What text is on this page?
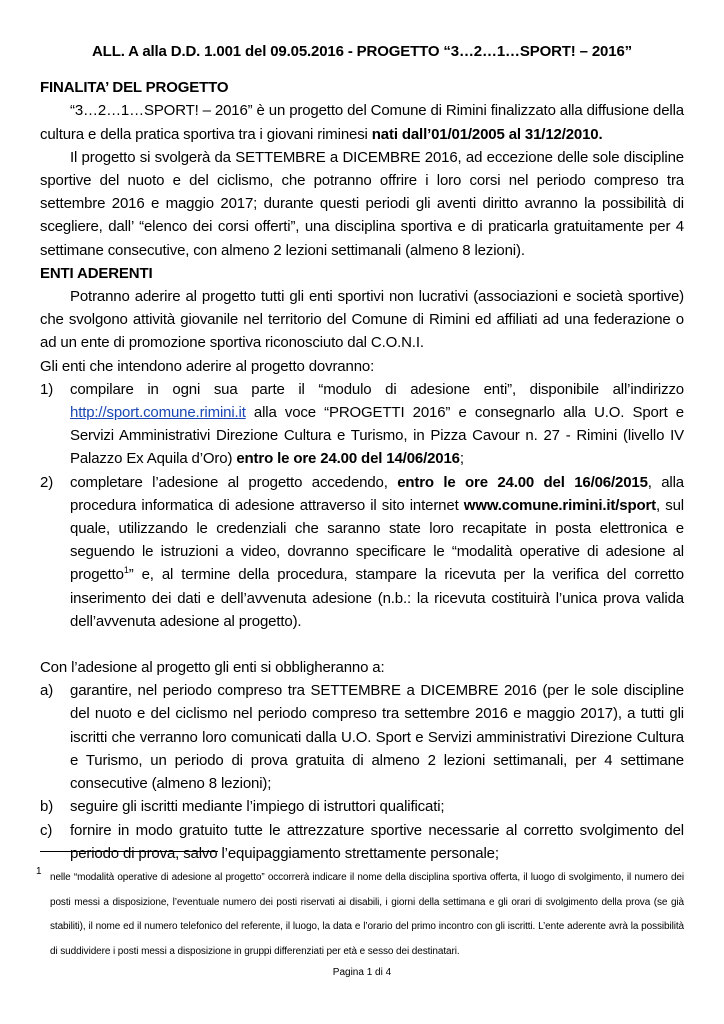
ALL. A alla D.D. 1.001 del 09.05.2016 - PROGETTO “3…2…1…SPORT! – 2016”
FINALITA’ DEL PROGETTO

“3…2…1…SPORT! – 2016” è un progetto del Comune di Rimini finalizzato alla diffusione della cultura e della pratica sportiva tra i giovani riminesi nati dall’01/01/2005 al 31/12/2010.

Il progetto si svolgerà da SETTEMBRE a DICEMBRE 2016, ad eccezione delle sole discipline sportive del nuoto e del ciclismo, che potranno offrire i loro corsi nel periodo compreso tra settembre 2016 e maggio 2017; durante questi periodi gli aventi diritto avranno la possibilità di scegliere, dall’ “elenco dei corsi offerti”, una disciplina sportiva e di praticarla gratuitamente per 4 settimane consecutive, con almeno 2 lezioni settimanali (almeno 8 lezioni).

ENTI ADERENTI

Potranno aderire al progetto tutti gli enti sportivi non lucrativi (associazioni e società sportive) che svolgono attività giovanile nel territorio del Comune di Rimini ed affiliati ad una federazione o ad un ente di promozione sportiva riconosciuto dal C.O.N.I.

Gli enti che intendono aderire al progetto dovranno:

1)	compilare in ogni sua parte il “modulo di adesione enti”, disponibile all’indirizzo http://sport.comune.rimini.it alla voce “PROGETTI 2016” e consegnarlo alla U.O. Sport e Servizi Amministrativi Direzione Cultura e Turismo, in Pizza Cavour n. 27 - Rimini (livello IV Palazzo Ex Aquila d’Oro) entro le ore 24.00 del 14/06/2016;
2)	completare l’adesione al progetto accedendo, entro le ore 24.00 del 16/06/2015, alla procedura informatica di adesione attraverso il sito internet www.comune.rimini.it/sport, sul quale, utilizzando le credenziali che saranno state loro recapitate in posta elettronica e seguendo le istruzioni a video, dovranno specificare le “modalità operative di adesione al progetto$^1$” e, al termine della procedura, stampare la ricevuta per la verifica del corretto inserimento dei dati e dell’avvenuta adesione (n.b.: la ricevuta costituirà l’unica prova valida dell’avvenuta adesione al progetto).

Con l’adesione al progetto gli enti si obbligheranno a:

a)	garantire, nel periodo compreso tra SETTEMBRE a DICEMBRE 2016 (per le sole discipline del nuoto e del ciclismo nel periodo compreso tra settembre 2016 e maggio 2017), a tutti gli iscritti che verranno loro comunicati dalla U.O. Sport e Servizi amministrativi Direzione Cultura e Turismo, un periodo di prova gratuita di almeno 2 lezioni settimanali, per 4 settimane consecutive (almeno 8 lezioni);
b)	seguire gli iscritti mediante l’impiego di istruttori qualificati;
c)	fornire in modo gratuito tutte le attrezzature sportive necessarie al corretto svolgimento del periodo di prova, salvo l’equipaggiamento strettamente personale;
1
nelle “modalità operative di adesione al progetto” occorrerà indicare il nome della disciplina sportiva offerta, il luogo di svolgimento, il numero dei posti messi a disposizione, l’eventuale numero dei posti riservati ai disabili, i giorni della settimana e gli orari di svolgimento della prova (se già stabiliti), il nome ed il numero telefonico del referente, il luogo, la data e l’orario del primo incontro con gli iscritti. L’ente aderente avrà la possibilità di suddividere i posti messi a disposizione in gruppi differenziati per età e sesso dei destinatari.
Pagina 1 di 4
